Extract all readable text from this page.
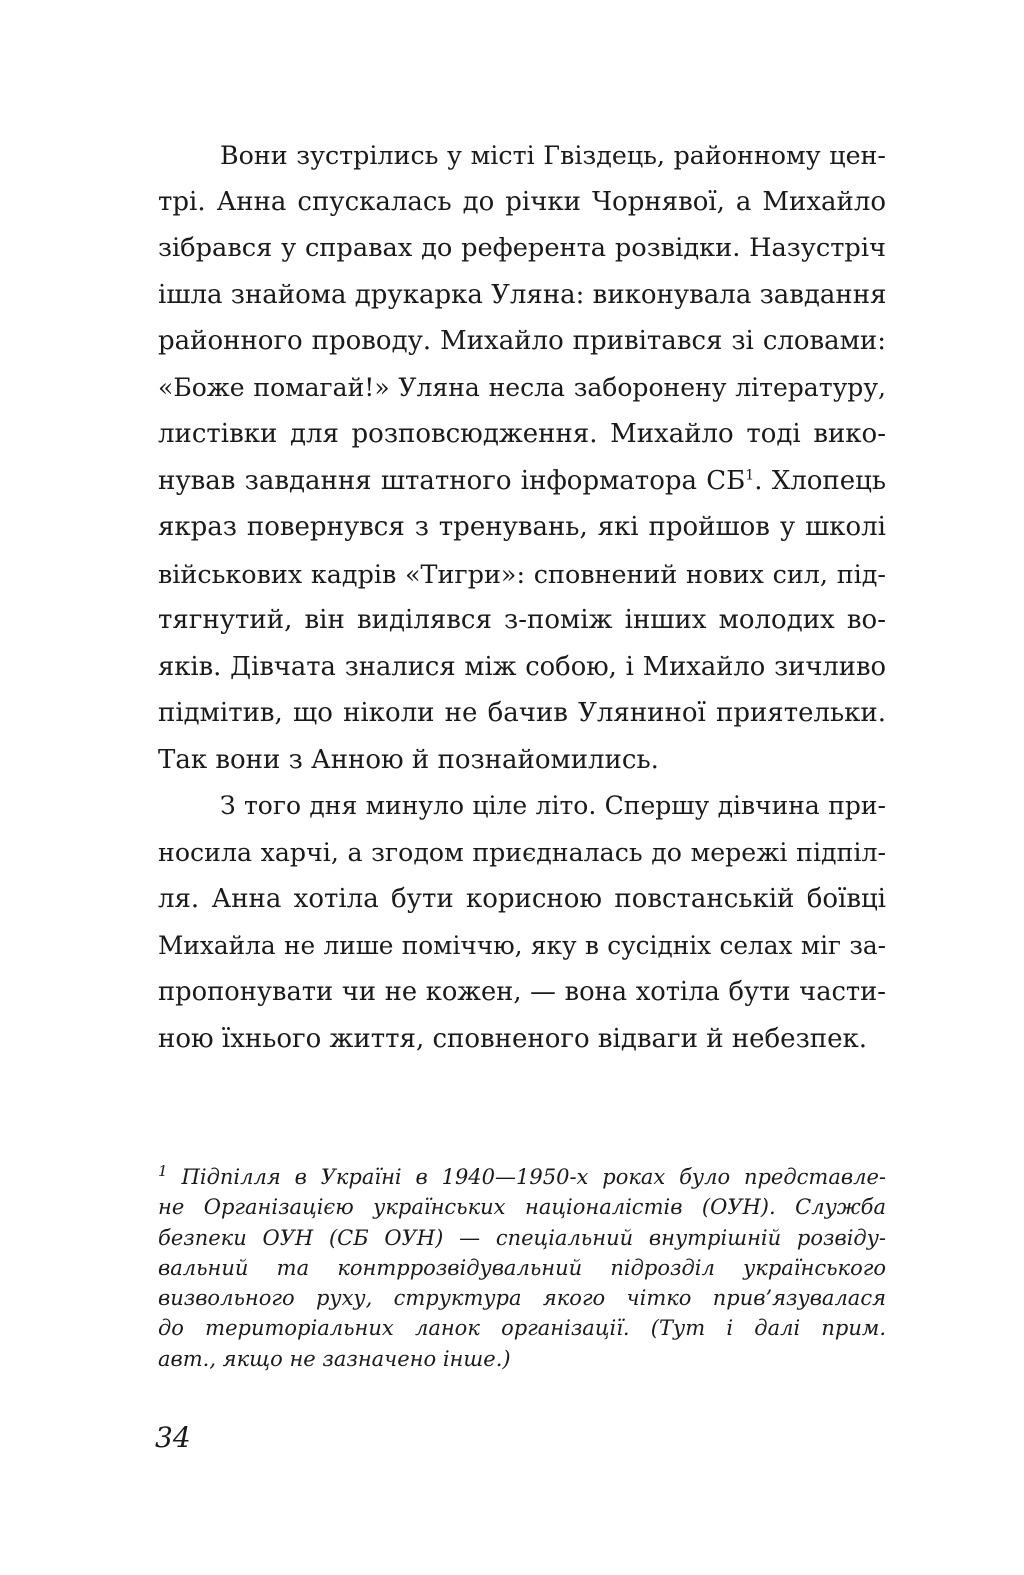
Вони зустрілись у місті Гвіздець, районному цен-
трі. Анна спускалась до річки Чорнявої, а Михайло
зібрався у справах до референта розвідки. Назустріч
ішла знайома друкарка Уляна: виконувала завдання
районного проводу. Михайло привітався зі словами:
«Боже помагай!» Уляна несла заборонену літературу,
листівки для розповсюдження. Михайло тоді вико-
нував завдання штатного інформатора СБ$^1$. Хлопець
якраз повернувся з тренувань, які пройшов у школі
військових кадрів «Тигри»: сповнений нових сил, під-
тягнутий, він виділявся з-поміж інших молодих во-
яків. Дівчата зналися між собою, і Михайло зичливо
підмітив, що ніколи не бачив Уляниної приятельки.
Так вони з Анною й познайомились.
З того дня минуло ціле літо. Спершу дівчина при-
носила харчі, а згодом приєдналась до мережі підпіл-
ля. Анна хотіла бути корисною повстанській боївці
Михайла не лише поміччю, яку в сусідніх селах міг за-
пропонувати чи не кожен, — вона хотіла бути части-
ною їхнього життя, сповненого відваги й небезпек.
$^1$ Підпілля в Україні в 1940—1950-х роках було представле-
не Організацією українських націоналістів (ОУН). Служба
безпеки ОУН (СБ ОУН) — спеціальний внутрішній розвіду-
вальний та контррозвідувальний підрозділ українського
визвольного руху, структура якого чітко прив’язувалася
до територіальних ланок організації. (Тут і далі прим.
авт., якщо не зазначено інше.)
34
